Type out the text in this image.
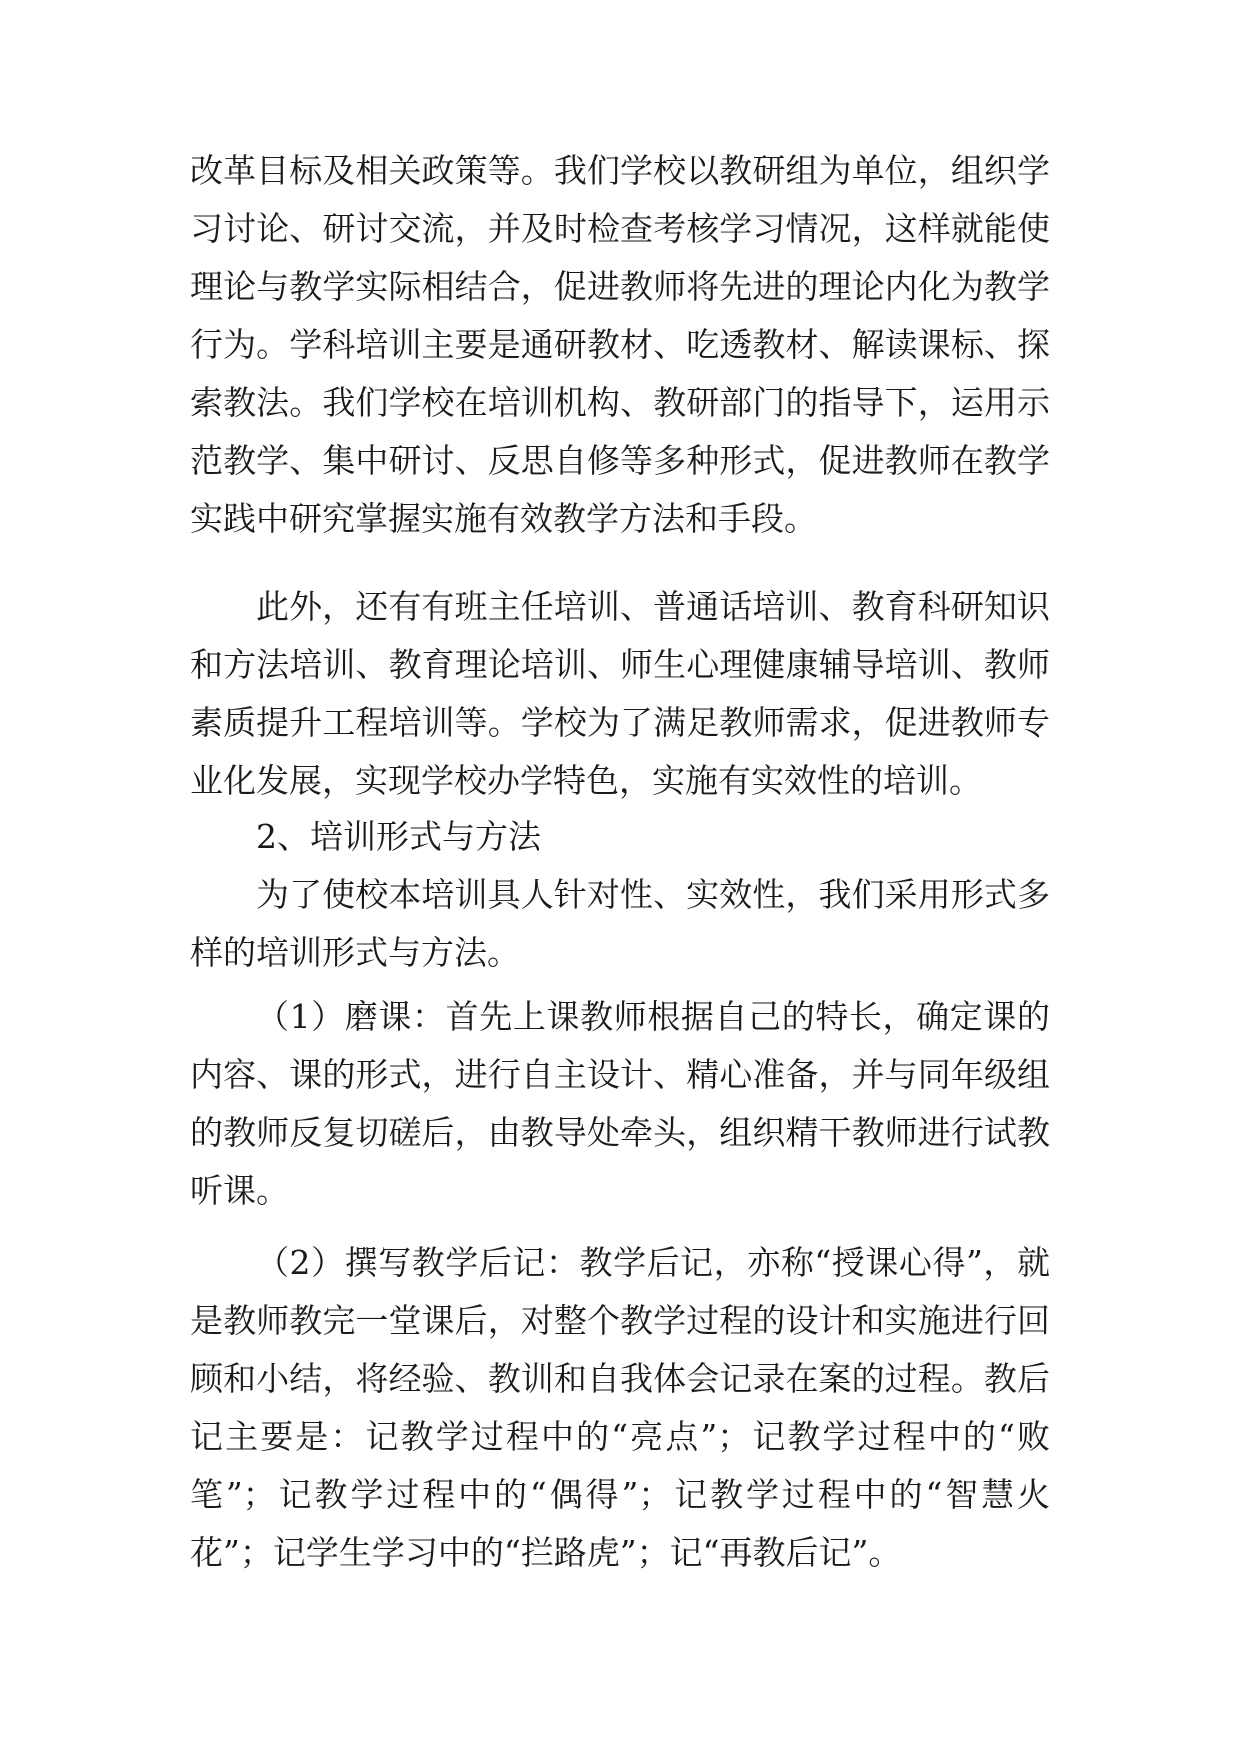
改革目标及相关政策等。我们学校以教研组为单位，组织学
习讨论、研讨交流，并及时检查考核学习情况，这样就能使
理论与教学实际相结合，促进教师将先进的理论内化为教学
行为。学科培训主要是通研教材、吃透教材、解读课标、探
索教法。我们学校在培训机构、教研部门的指导下，运用示
范教学、集中研讨、反思自修等多种形式，促进教师在教学
实践中研究掌握实施有效教学方法和手段。
此外，还有有班主任培训、普通话培训、教育科研知识
和方法培训、教育理论培训、师生心理健康辅导培训、教师
素质提升工程培训等。学校为了满足教师需求，促进教师专
业化发展，实现学校办学特色，实施有实效性的培训。
2、培训形式与方法
为了使校本培训具人针对性、实效性，我们采用形式多
样的培训形式与方法。
（1）磨课：首先上课教师根据自己的特长，确定课的
内容、课的形式，进行自主设计、精心准备，并与同年级组
的教师反复切磋后，由教导处牵头，组织精干教师进行试教
听课。
（2）撰写教学后记：教学后记，亦称“授课心得”，就
是教师教完一堂课后，对整个教学过程的设计和实施进行回
顾和小结，将经验、教训和自我体会记录在案的过程。教后
记主要是：记教学过程中的“亮点”；记教学过程中的“败
笔”；记教学过程中的“偶得”；记教学过程中的“智慧火
花”；记学生学习中的“拦路虎”；记“再教后记”。
